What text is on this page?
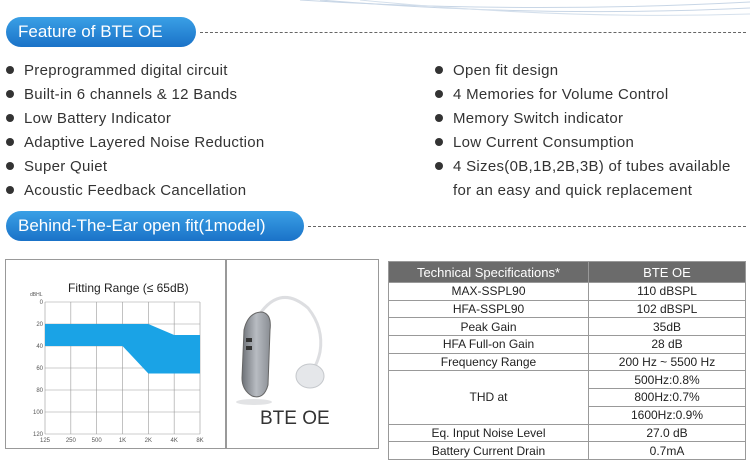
Feature of BTE OE
Preprogrammed digital circuit
Built-in 6 channels & 12 Bands
Low Battery Indicator
Adaptive Layered Noise Reduction
Super Quiet
Acoustic Feedback Cancellation
Open fit design
4 Memories for Volume Control
Memory Switch indicator
Low Current Consumption
4 Sizes(0B,1B,2B,3B) of tubes available
for an easy and quick replacement
Behind-The-Ear open fit(1model)
Fitting Range (≤ 65dB)
0
20
40
60
80
100
120
125	250	500	1K	2K	4K	8K
dBHL
BTE OE
Technical Specifications*	BTE OE
MAX-SSPL90	110 dBSPL
HFA-SSPL90	102 dBSPL
Peak Gain	35dB
HFA Full-on Gain	28 dB
Frequency Range	200 Hz ~ 5500 Hz
THD at	500Hz:0.8%
	800Hz:0.7%
	1600Hz:0.9%
Eq. Input Noise Level	27.0 dB
Battery Current Drain	0.7mA
